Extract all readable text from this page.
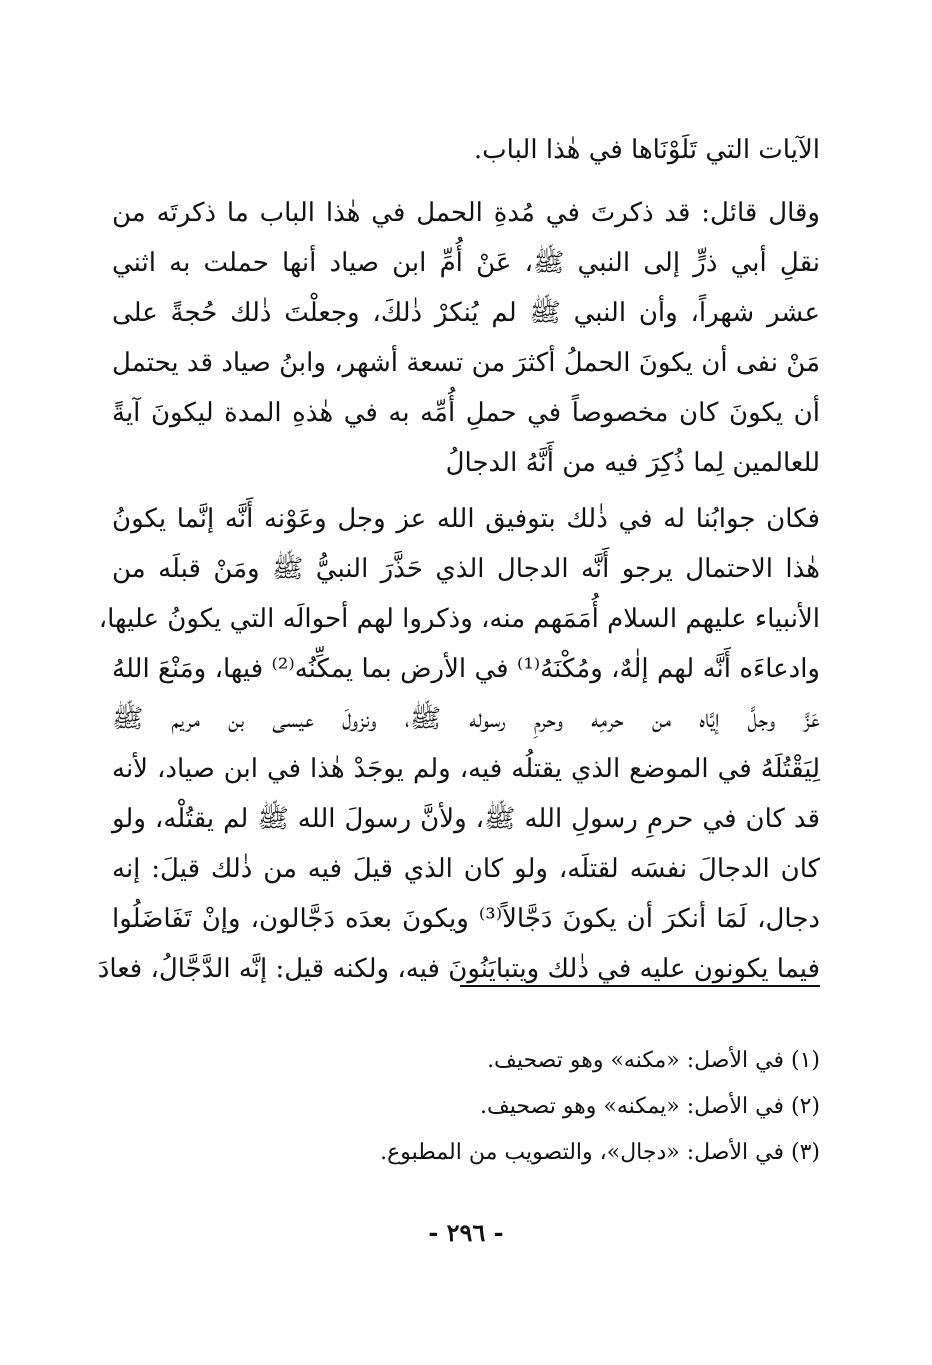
الآيات التي تَلَوْنَاها في هٰذا الباب.
وقال قائل: قد ذكرتَ في مُدةِ الحمل في هٰذا الباب ما ذكرتَه من
نقلِ أبي ذرٍّ إلى النبي ﷺ، عَنْ أُمِّ ابن صياد أنها حملت به اثني
عشر شهراً، وأن النبي ﷺ لم يُنكرْ ذٰلكَ، وجعلْتَ ذٰلك حُجةً على
مَنْ نفى أن يكونَ الحملُ أكثرَ من تسعة أشهر، وابنُ صياد قد يحتمل
أن يكونَ كان مخصوصاً في حملِ أُمِّه به في هٰذهِ المدة ليكونَ آيةً
للعالمين لِما ذُكِرَ فيه من أَنَّهُ الدجالُ
فكان جوابُنا له في ذٰلك بتوفيق الله عز وجل وعَوْنه أَنَّه إنَّما يكونُ
هٰذا الاحتمال يرجو أَنَّه الدجال الذي حَذَّرَ النبيُّ ﷺ ومَنْ قبلَه من
الأنبياء عليهم السلام أُمَمَهم منه، وذكروا لهم أحوالَه التي يكونُ عليها،
وادعاءَه أَنَّه لهم إلٰهٌ، ومُكْنَهُ⁽¹⁾ في الأرض بما يمكِّنُه⁽²⁾ فيها، ومَنْعَ اللهُ
عَزَّ وجلَّ إيَّاه من حرمِه وحرمِ رسوله ﷺ، ونزولَ عيسى بن مريم ﷺ
لِيَقْتُلَهُ في الموضع الذي يقتلُه فيه، ولم يوجَدْ هٰذا في ابن صياد، لأنه
قد كان في حرمِ رسولِ الله ﷺ، ولأنَّ رسولَ الله ﷺ لم يقتُلْه، ولو
كان الدجالَ نفسَه لقتلَه، ولو كان الذي قيلَ فيه من ذٰلك قيلَ: إنه
دجال، لَمَا أنكرَ أن يكونَ دَجَّالاً⁽³⁾ ويكونَ بعدَه دَجَّالون، وإنْ تَفَاضَلُوا
فيما يكونون عليه في ذٰلك ويتبايَنُونَ فيه، ولكنه قيل: إنَّه الدَّجَّالُ، فعادَ
(١) في الأصل: «مكنه» وهو تصحيف.
(٢) في الأصل: «يمكنه» وهو تصحيف.
(٣) في الأصل: «دجال»، والتصويب من المطبوع.
- ٢٩٦ -
